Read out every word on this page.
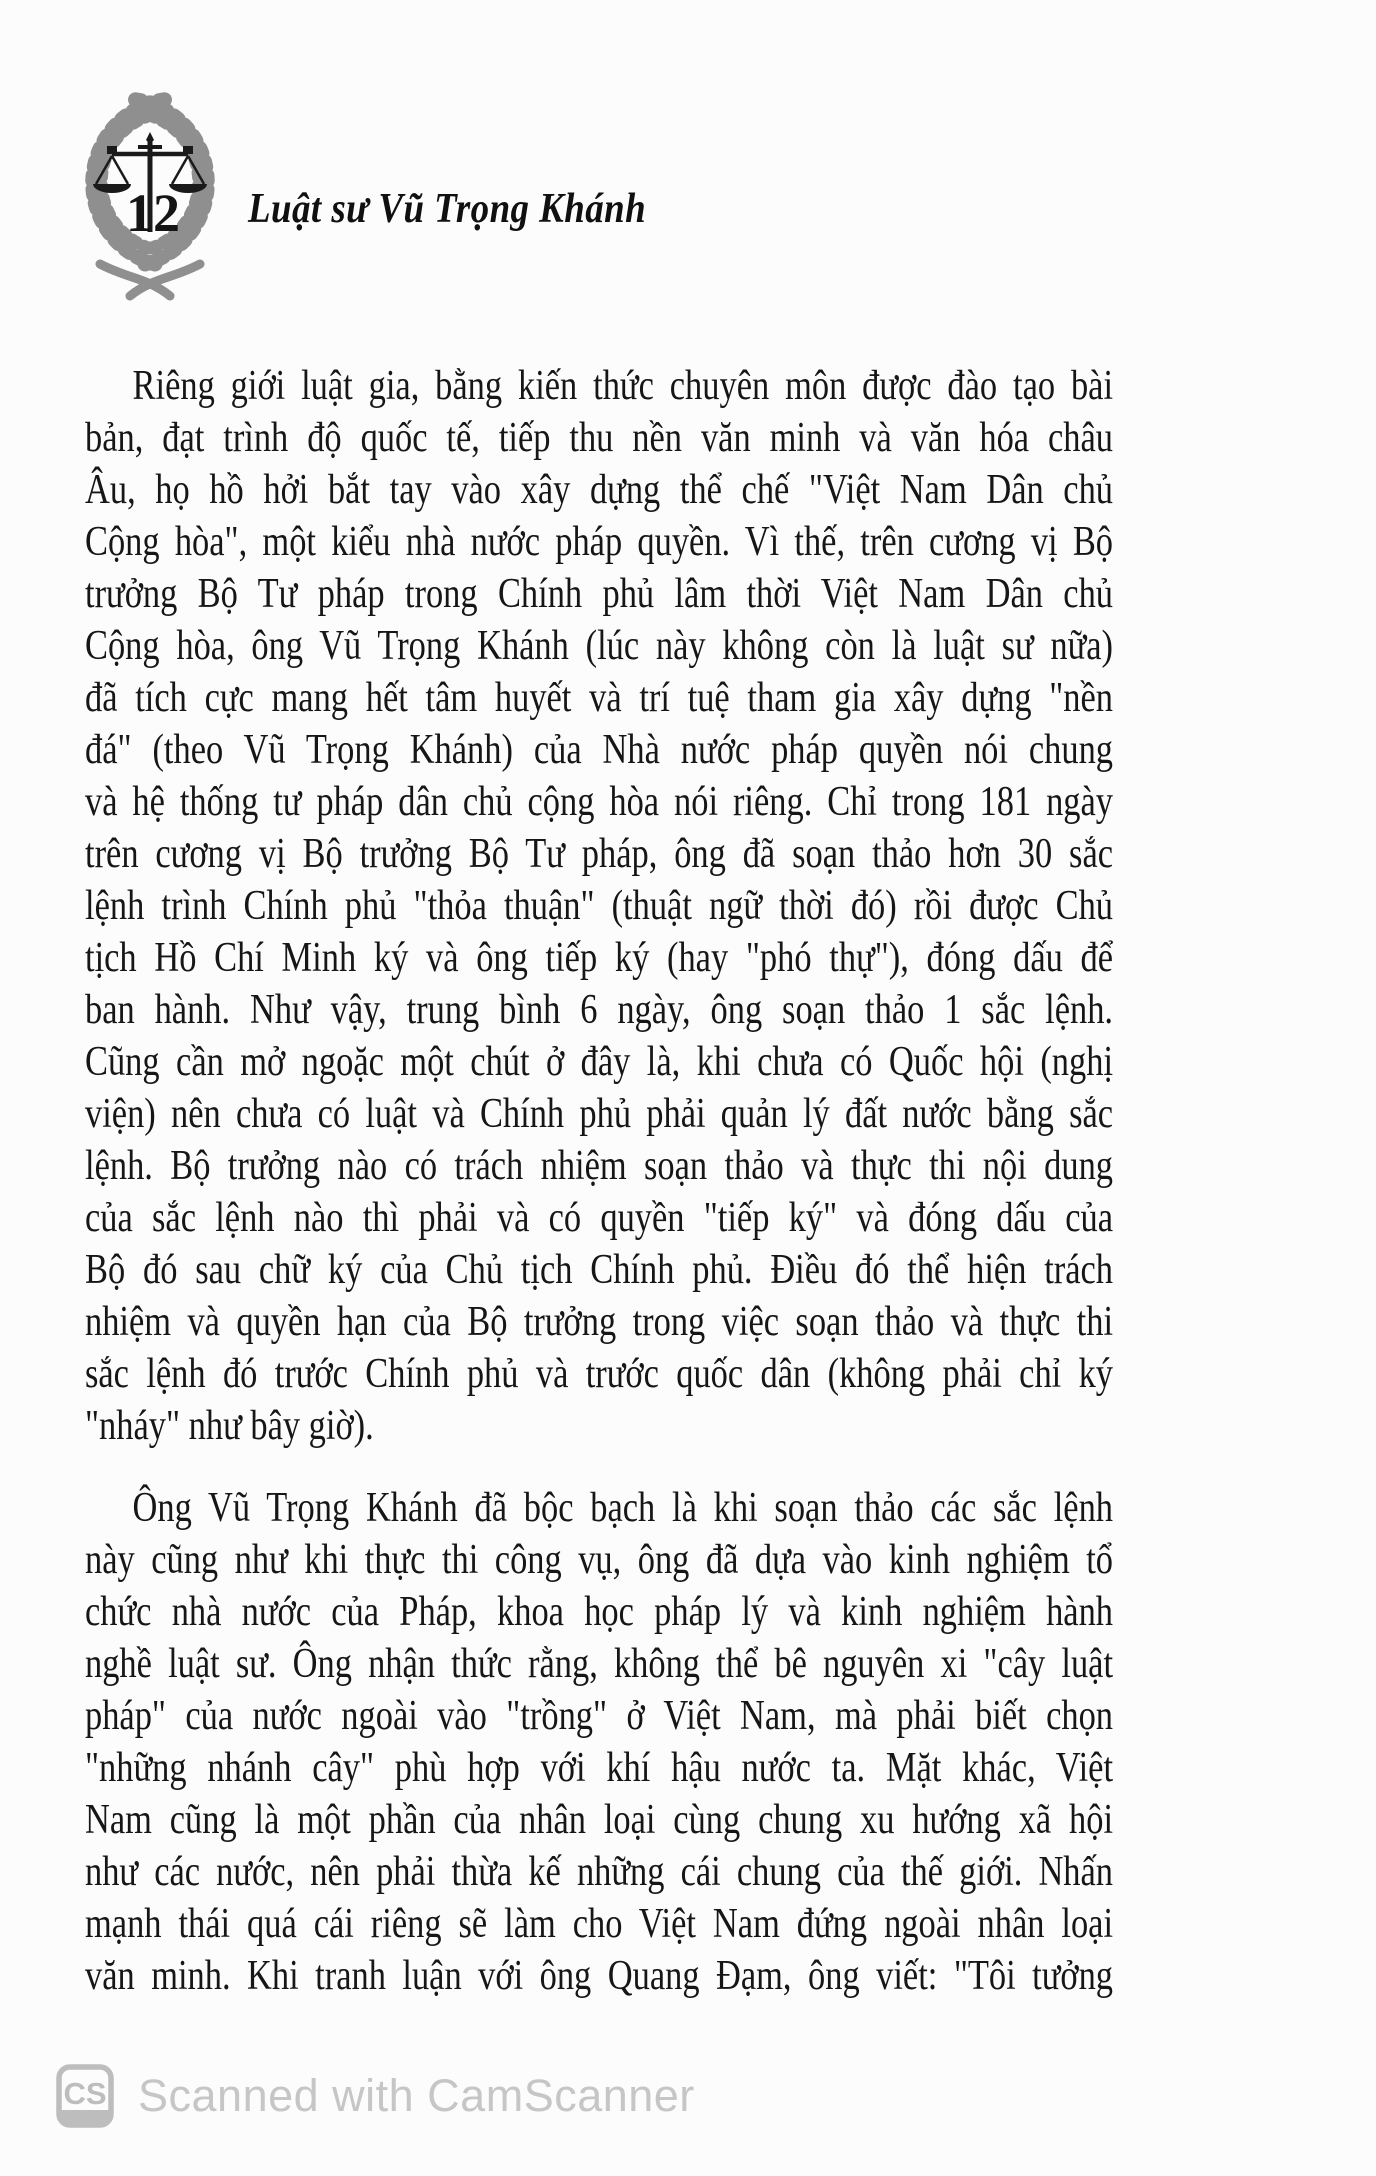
12 Luật sư Vũ Trọng Khánh
Riêng giới luật gia, bằng kiến thức chuyên môn được đào tạo bài
bản, đạt trình độ quốc tế, tiếp thu nền văn minh và văn hóa châu
Âu, họ hồ hởi bắt tay vào xây dựng thể chế "Việt Nam Dân chủ
Cộng hòa", một kiểu nhà nước pháp quyền. Vì thế, trên cương vị Bộ
trưởng Bộ Tư pháp trong Chính phủ lâm thời Việt Nam Dân chủ
Cộng hòa, ông Vũ Trọng Khánh (lúc này không còn là luật sư nữa)
đã tích cực mang hết tâm huyết và trí tuệ tham gia xây dựng "nền
đá" (theo Vũ Trọng Khánh) của Nhà nước pháp quyền nói chung
và hệ thống tư pháp dân chủ cộng hòa nói riêng. Chỉ trong 181 ngày
trên cương vị Bộ trưởng Bộ Tư pháp, ông đã soạn thảo hơn 30 sắc
lệnh trình Chính phủ "thỏa thuận" (thuật ngữ thời đó) rồi được Chủ
tịch Hồ Chí Minh ký và ông tiếp ký (hay "phó thự"), đóng dấu để
ban hành. Như vậy, trung bình 6 ngày, ông soạn thảo 1 sắc lệnh.
Cũng cần mở ngoặc một chút ở đây là, khi chưa có Quốc hội (nghị
viện) nên chưa có luật và Chính phủ phải quản lý đất nước bằng sắc
lệnh. Bộ trưởng nào có trách nhiệm soạn thảo và thực thi nội dung
của sắc lệnh nào thì phải và có quyền "tiếp ký" và đóng dấu của
Bộ đó sau chữ ký của Chủ tịch Chính phủ. Điều đó thể hiện trách
nhiệm và quyền hạn của Bộ trưởng trong việc soạn thảo và thực thi
sắc lệnh đó trước Chính phủ và trước quốc dân (không phải chỉ ký
"nháy" như bây giờ).
Ông Vũ Trọng Khánh đã bộc bạch là khi soạn thảo các sắc lệnh
này cũng như khi thực thi công vụ, ông đã dựa vào kinh nghiệm tổ
chức nhà nước của Pháp, khoa học pháp lý và kinh nghiệm hành
nghề luật sư. Ông nhận thức rằng, không thể bê nguyên xi "cây luật
pháp" của nước ngoài vào "trồng" ở Việt Nam, mà phải biết chọn
"những nhánh cây" phù hợp với khí hậu nước ta. Mặt khác, Việt
Nam cũng là một phần của nhân loại cùng chung xu hướng xã hội
như các nước, nên phải thừa kế những cái chung của thế giới. Nhấn
mạnh thái quá cái riêng sẽ làm cho Việt Nam đứng ngoài nhân loại
văn minh. Khi tranh luận với ông Quang Đạm, ông viết: "Tôi tưởng
CS Scanned with CamScanner
